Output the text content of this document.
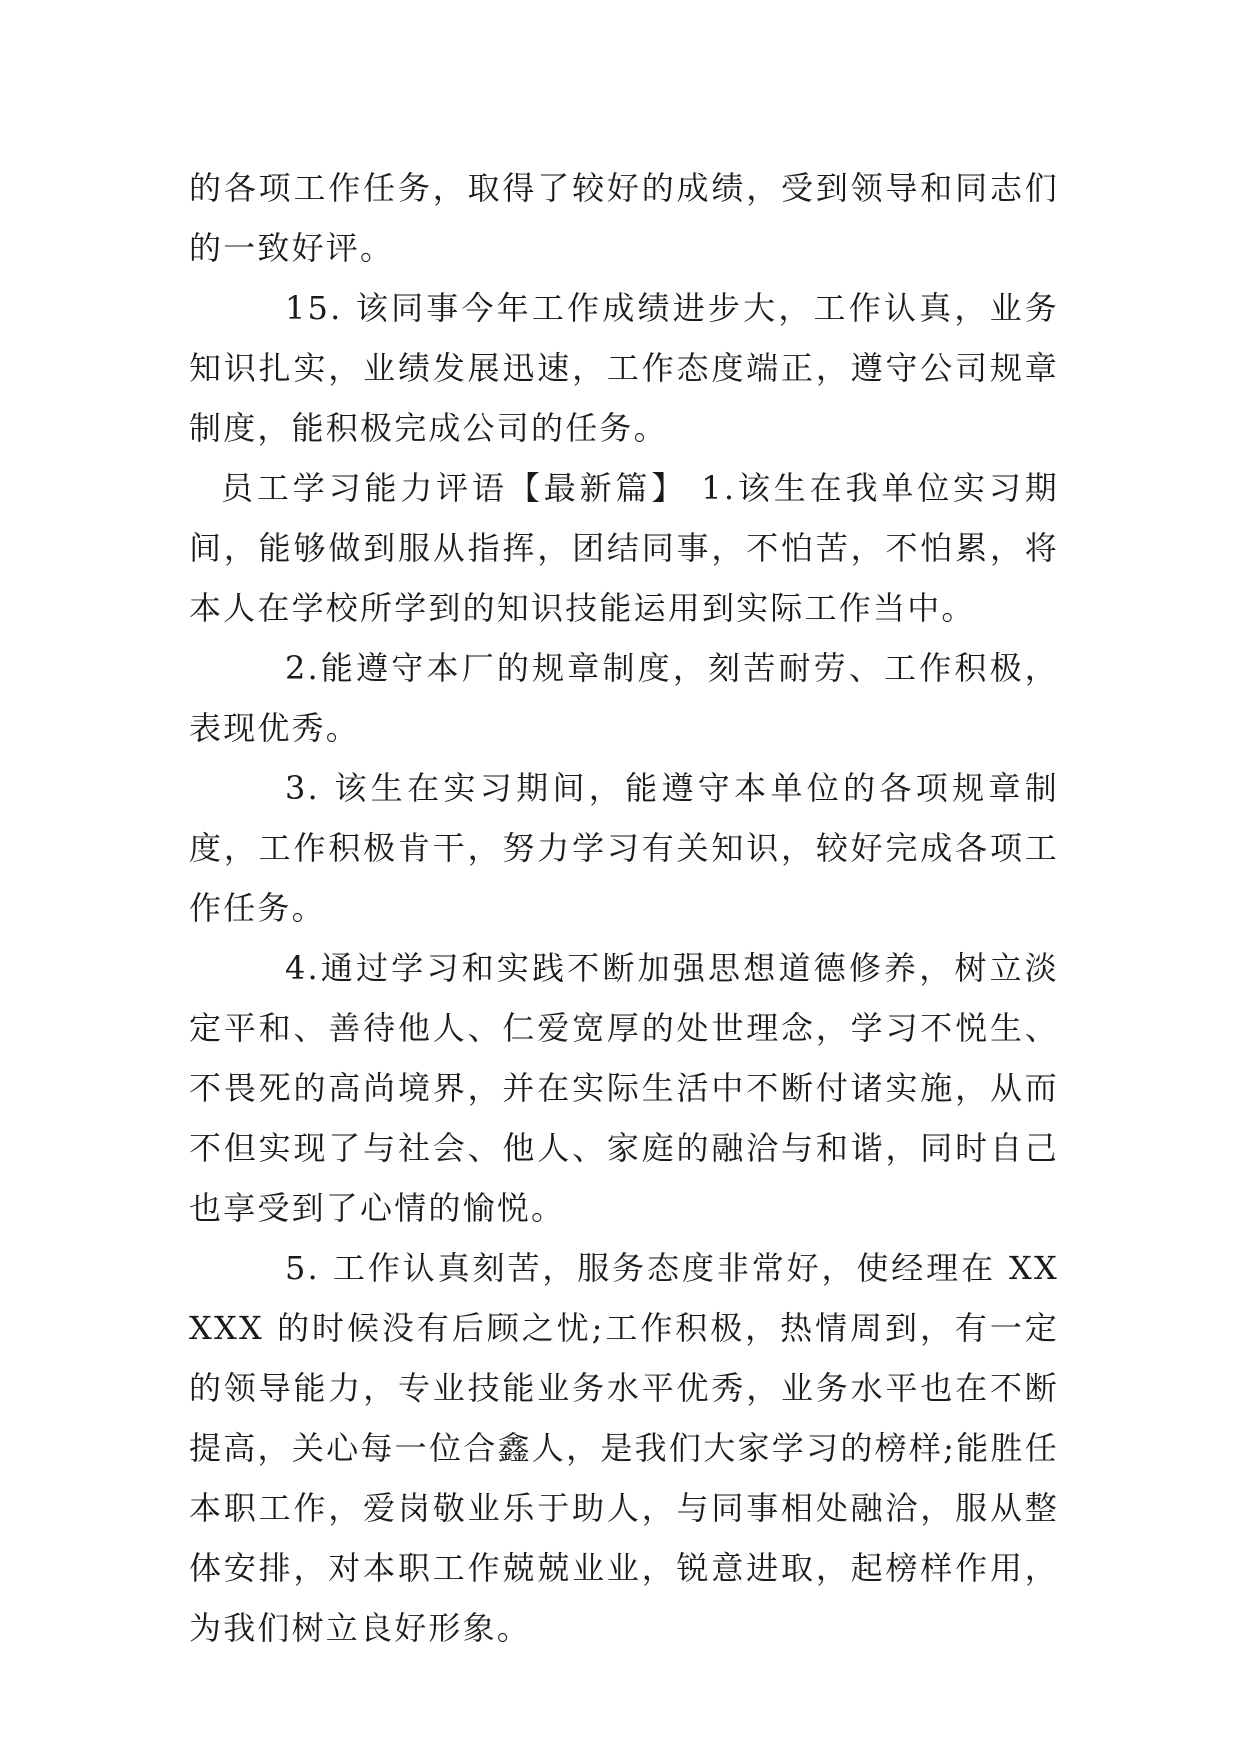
的各项工作任务，取得了较好的成绩，受到领导和同志们的一致好评。

15. 该同事今年工作成绩进步大，工作认真，业务知识扎实，业绩发展迅速，工作态度端正，遵守公司规章制度，能积极完成公司的任务。

员工学习能力评语【最新篇】 1.该生在我单位实习期间，能够做到服从指挥，团结同事，不怕苦，不怕累，将本人在学校所学到的知识技能运用到实际工作当中。

2.能遵守本厂的规章制度，刻苦耐劳、工作积极，表现优秀。

3. 该生在实习期间，能遵守本单位的各项规章制度，工作积极肯干，努力学习有关知识，较好完成各项工作任务。

4.通过学习和实践不断加强思想道德修养，树立淡定平和、善待他人、仁爱宽厚的处世理念，学习不悦生、不畏死的高尚境界，并在实际生活中不断付诸实施，从而不但实现了与社会、他人、家庭的融洽与和谐，同时自己也享受到了心情的愉悦。

5. 工作认真刻苦，服务态度非常好，使经理在 XXXXX 的时候没有后顾之忧;工作积极，热情周到，有一定的领导能力，专业技能业务水平优秀，业务水平也在不断提高，关心每一位合鑫人，是我们大家学习的榜样;能胜任本职工作，爱岗敬业乐于助人，与同事相处融洽，服从整体安排，对本职工作兢兢业业，锐意进取，起榜样作用，为我们树立良好形象。
